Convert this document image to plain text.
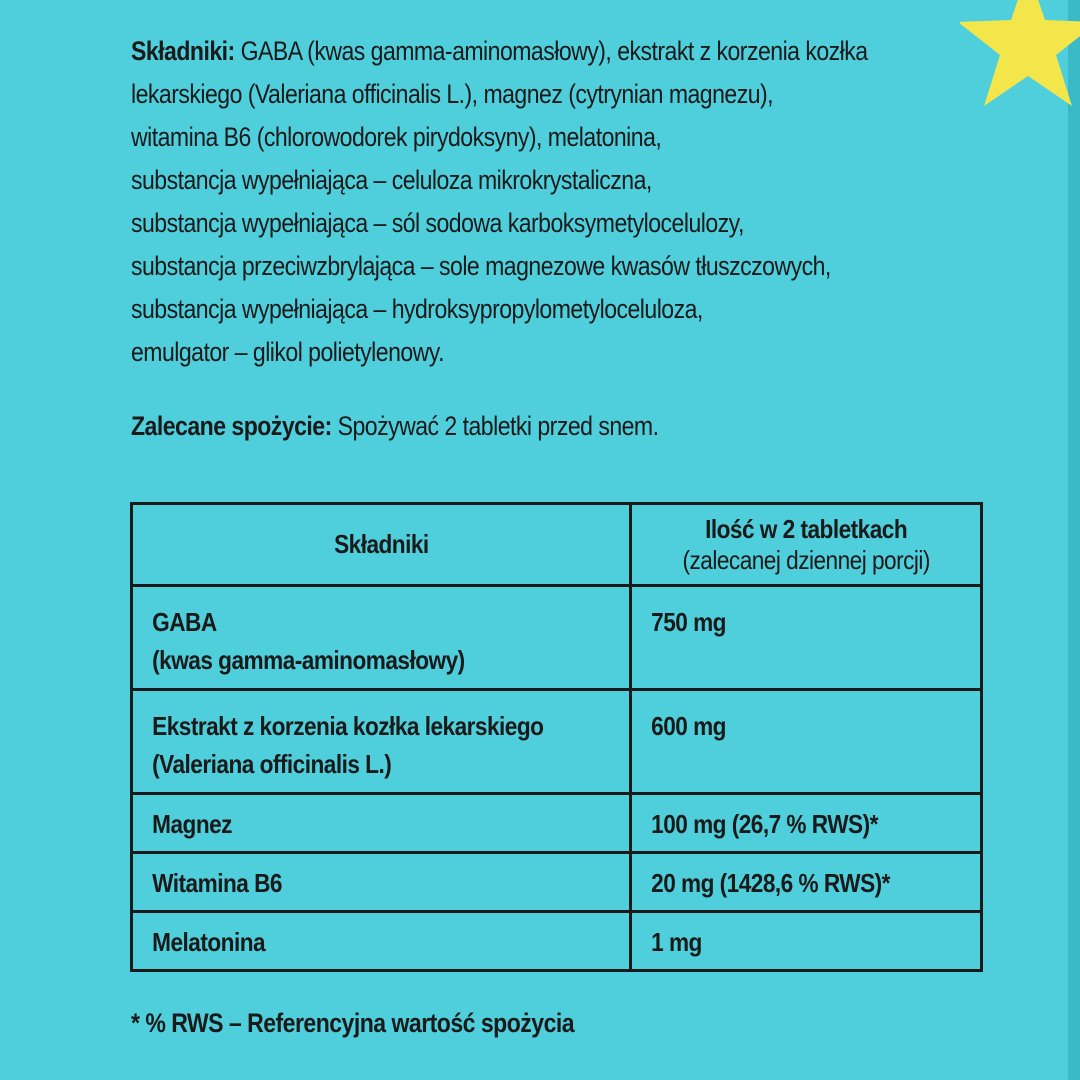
Składniki: GABA (kwas gamma-aminomasłowy), ekstrakt z korzenia kozłka
lekarskiego (Valeriana officinalis L.), magnez (cytrynian magnezu),
witamina B6 (chlorowodorek pirydoksyny), melatonina,
substancja wypełniająca – celuloza mikrokrystaliczna,
substancja wypełniająca – sól sodowa karboksymetylocelulozy,
substancja przeciwzbrylająca – sole magnezowe kwasów tłuszczowych,
substancja wypełniająca – hydroksypropylometyloceluloza,
emulgator – glikol polietylenowy.
Zalecane spożycie: Spożywać 2 tabletki przed snem.
Składniki	Ilość w 2 tabletkach
(zalecanej dziennej porcji)

GABA
(kwas gamma-aminomasłowy)	750 mg

Ekstrakt z korzenia kozłka lekarskiego
(Valeriana officinalis L.)	600 mg

Magnez	100 mg (26,7 % RWS)*

Witamina B6	20 mg (1428,6 % RWS)*

Melatonina	1 mg
* % RWS – Referencyjna wartość spożycia
